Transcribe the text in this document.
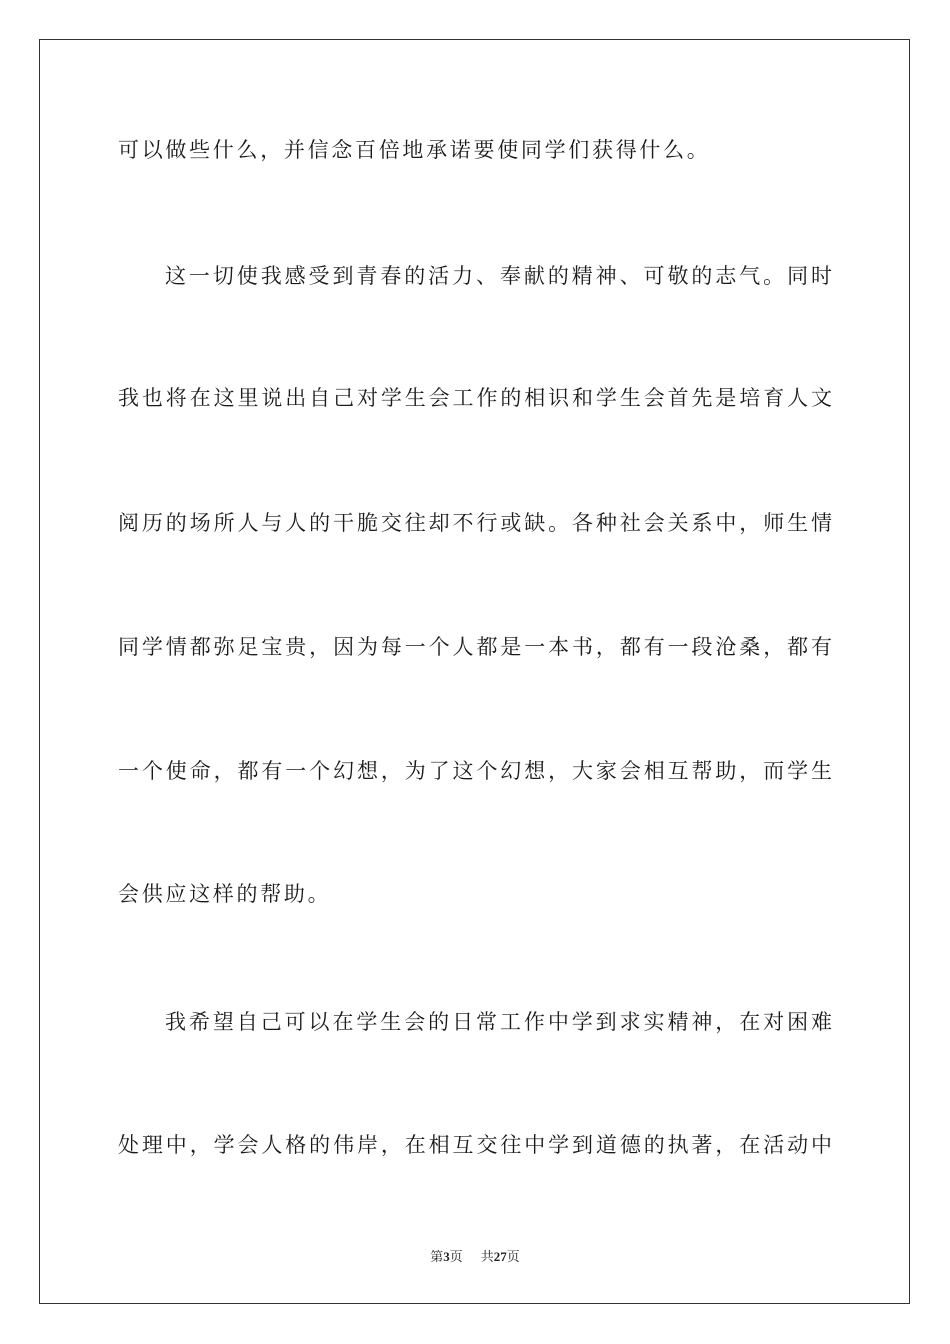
可以做些什么，并信念百倍地承诺要使同学们获得什么。
这一切使我感受到青春的活力、奉献的精神、可敬的志气。同时
我也将在这里说出自己对学生会工作的相识和学生会首先是培育人文
阅历的场所人与人的干脆交往却不行或缺。各种社会关系中，师生情
同学情都弥足宝贵，因为每一个人都是一本书，都有一段沧桑，都有
一个使命，都有一个幻想，为了这个幻想，大家会相互帮助，而学生
会供应这样的帮助。
我希望自己可以在学生会的日常工作中学到求实精神，在对困难
处理中，学会人格的伟岸，在相互交往中学到道德的执著，在活动中
第3页 共27页
